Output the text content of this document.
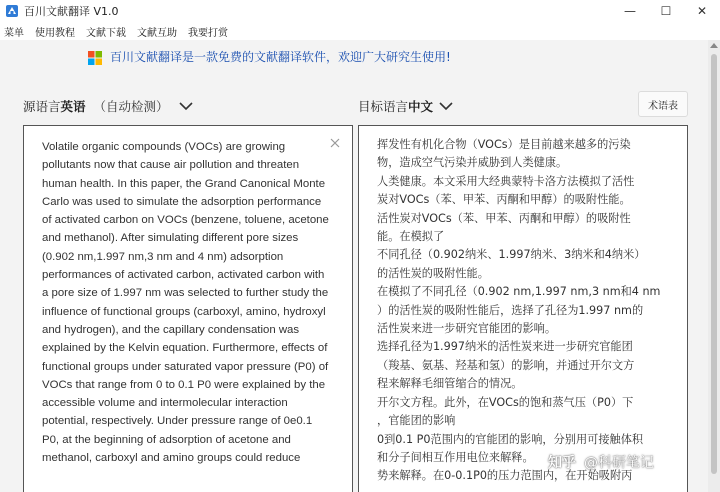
百川文献翻译 V1.0	—	☐	✕
菜单 使用教程 文献下载 文献互助 我要打赏
百川文献翻译是一款免费的文献翻译软件，欢迎广大研究生使用!
源语言 英语 （自动检测）	目标语言 中文	术语表
Volatile organic compounds (VOCs) are growing pollutants now that cause air pollution and threaten human health. In this paper, the Grand Canonical Monte Carlo was used to simulate the adsorption performance of activated carbon on VOCs (benzene, toluene, acetone and methanol). After simulating different pore sizes (0.902 nm,1.997 nm,3 nm and 4 nm) adsorption performances of activated carbon, activated carbon with a pore size of 1.997 nm was selected to further study the influence of functional groups (carboxyl, amino, hydroxyl and hydrogen), and the capillary condensation was explained by the Kelvin equation. Furthermore, effects of functional groups under saturated vapor pressure (P0) of VOCs that range from 0 to 0.1 P0 were explained by the accessible volume and intermolecular interaction potential, respectively. Under pressure range of 0e0.1 P0, at the beginning of adsorption of acetone and methanol, carboxyl and amino groups could reduce
挥发性有机化合物（VOCs）是目前越来越多的污染
物，造成空气污染并威胁到人类健康。
人类健康。本文采用大经典蒙特卡洛方法模拟了活性
炭对VOCs（苯、甲苯、丙酮和甲醇）的吸附性能。
活性炭对VOCs（苯、甲苯、丙酮和甲醇）的吸附性
能。在模拟了
不同孔径（0.902纳米、1.997纳米、3纳米和4纳米）
的活性炭的吸附性能。
在模拟了不同孔径（0.902 nm,1.997 nm,3 nm和4 nm
）的活性炭的吸附性能后，选择了孔径为1.997 nm的
活性炭来进一步研究官能团的影响。
选择孔径为1.997纳米的活性炭来进一步研究官能团
（羧基、氨基、羟基和氢）的影响，并通过开尔文方
程来解释毛细管缩合的情况。
开尔文方程。此外，在VOCs的饱和蒸气压（P0）下
，官能团的影响
0到0.1 P0范围内的官能团的影响，分别用可接触体积
和分子间相互作用电位来解释。
势来解释。在0-0.1P0的压力范围内，在开始吸附丙
知乎 @科研笔记
